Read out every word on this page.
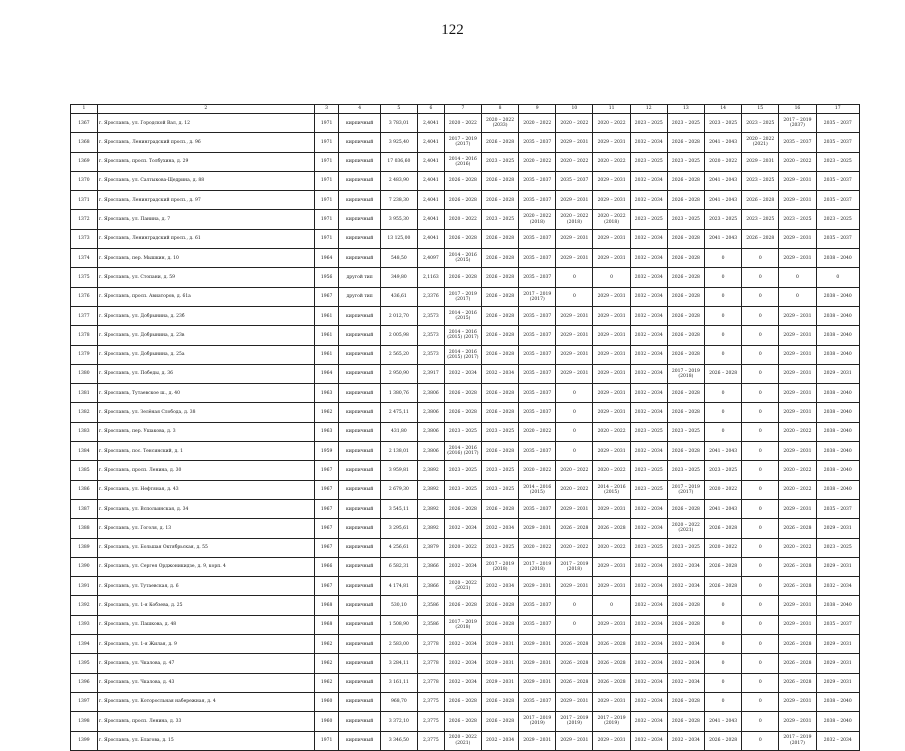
122
1	2	3	4	5	6	7	8	9	10	11	12	13	14	15	16	17
1367	г. Ярославль, ул. Городской Вал, д. 12	1971	кирпичный	3 783,01	2,4041	2020 – 2022	2020 – 2022 (2033)	2020 – 2022	2020 – 2022	2020 – 2022	2023 – 2025	2023 – 2025	2023 – 2025	2023 – 2025	2017 – 2019 (2037)	2035 – 2037
1368	г. Ярославль, Ленинградский просп., д. 96	1971	кирпичный	3 925,40	2,4041	2017 – 2019 (2017)	2026 – 2028	2035 – 2037	2029 – 2031	2029 – 2031	2032 – 2034	2026 – 2028	2041 – 2043	2020 – 2022 (2021)	2035 – 2037	2035 – 2037
1369	г. Ярославль, просп. Толбухина, д. 29	1971	кирпичный	17 036,60	2,4041	2014 – 2016 (2016)	2023 – 2025	2020 – 2022	2020 – 2022	2020 – 2022	2023 – 2025	2023 – 2025	2020 – 2022	2029 – 2031	2020 – 2022	2023 – 2025
1370	г. Ярославль, ул. Салтыкова-Щедрина, д. 88	1971	кирпичный	2 483,90	2,4041	2026 – 2028	2026 – 2028	2035 – 2037	2035 – 2037	2029 – 2031	2032 – 2034	2026 – 2028	2041 – 2043	2023 – 2025	2029 – 2031	2035 – 2037
1371	г. Ярославль, Ленинградский просп., д. 97	1971	кирпичный	7 238,30	2,4041	2026 – 2028	2026 – 2028	2035 – 2037	2029 – 2031	2029 – 2031	2032 – 2034	2026 – 2028	2041 – 2043	2026 – 2028	2029 – 2031	2035 – 2037
1372	г. Ярославль, ул. Панина, д. 7	1971	кирпичный	3 955,30	2,4041	2020 – 2022	2023 – 2025	2020 – 2022 (2018)	2020 – 2022 (2018)	2020 – 2022 (2018)	2023 – 2025	2023 – 2025	2023 – 2025	2023 – 2025	2023 – 2025	2023 – 2025
1373	г. Ярославль, Ленинградский просп., д. 61	1971	кирпичный	13 125,00	2,4041	2026 – 2028	2026 – 2028	2035 – 2037	2029 – 2031	2029 – 2031	2032 – 2034	2026 – 2028	2041 – 2043	2026 – 2028	2029 – 2031	2035 – 2037
1374	г. Ярославль, пер. Мышкин, д. 10	1964	кирпичный	548,50	2,4097	2014 – 2016 (2015)	2026 – 2028	2035 – 2037	2029 – 2031	2029 – 2031	2032 – 2034	2026 – 2028	0	0	2029 – 2031	2038 – 2040
1375	г. Ярославль, ул. Стопани, д. 59	1956	другой тип	349,80	2,1163	2026 – 2028	2026 – 2028	2035 – 2037	0	0	2032 – 2034	2026 – 2028	0	0	0	0
1376	г. Ярославль, просп. Авиаторов, д. 61а	1967	другой тип	436,61	2,3376	2017 – 2019 (2017)	2026 – 2028	2017 – 2019 (2017)	0	2029 – 2031	2032 – 2034	2026 – 2028	0	0	0	2038 – 2040
1377	г. Ярославль, ул. Добрынина, д. 23б	1961	кирпичный	2 012,70	2,3573	2014 – 2016 (2015)	2026 – 2028	2035 – 2037	2029 – 2031	2029 – 2031	2032 – 2034	2026 – 2028	0	0	2029 – 2031	2038 – 2040
1378	г. Ярославль, ул. Добрынина, д. 23в	1961	кирпичный	2 005,98	2,3573	2014 – 2016 (2015) (2017)	2026 – 2028	2035 – 2037	2029 – 2031	2029 – 2031	2032 – 2034	2026 – 2028	0	0	2029 – 2031	2038 – 2040
1379	г. Ярославль, ул. Добрынина, д. 25а	1961	кирпичный	2 565,20	2,3573	2014 – 2016 (2015) (2017)	2026 – 2028	2035 – 2037	2029 – 2031	2029 – 2031	2032 – 2034	2026 – 2028	0	0	2029 – 2031	2038 – 2040
1380	г. Ярославль, ул. Победы, д. 36	1964	кирпичный	2 950,90	2,3917	2032 – 2034	2032 – 2034	2035 – 2037	2029 – 2031	2029 – 2031	2032 – 2034	2017 – 2019 (2018)	2026 – 2028	0	2029 – 2031	2029 – 2031
1381	г. Ярославль, Тутаевское ш., д. 40	1963	кирпичный	1 380,76	2,3806	2026 – 2028	2026 – 2028	2035 – 2037	0	2029 – 2031	2032 – 2034	2026 – 2028	0	0	2029 – 2031	2038 – 2040
1382	г. Ярославль, ул. Зелёная Слобода, д. 38	1962	кирпичный	2 475,11	2,3806	2026 – 2028	2026 – 2028	2035 – 2037	0	2029 – 2031	2032 – 2034	2026 – 2028	0	0	2029 – 2031	2038 – 2040
1383	г. Ярославль, пер. Ушакова, д. 3	1963	кирпичный	431,80	2,3806	2023 – 2025	2023 – 2025	2020 – 2022	0	2020 – 2022	2023 – 2025	2023 – 2025	0	0	2020 – 2022	2038 – 2040
1384	г. Ярославль, пос. Тенсинский, д. 1	1959	кирпичный	2 138,01	2,3806	2014 – 2016 (2016) (2017)	2026 – 2028	2035 – 2037	0	2029 – 2031	2032 – 2034	2026 – 2028	2041 – 2043	0	2029 – 2031	2038 – 2040
1385	г. Ярославль, просп. Ленина, д. 30	1967	кирпичный	3 959,81	2,3892	2023 – 2025	2023 – 2025	2020 – 2022	2020 – 2022	2020 – 2022	2023 – 2025	2023 – 2025	2023 – 2025	0	2020 – 2022	2038 – 2040
1386	г. Ярославль, ул. Нефтяная, д. 43	1967	кирпичный	2 679,30	2,3892	2023 – 2025	2023 – 2025	2014 – 2016 (2015)	2020 – 2022	2014 – 2016 (2015)	2023 – 2025	2017 – 2019 (2017)	2020 – 2022	0	2020 – 2022	2038 – 2040
1387	г. Ярославль, ул. Вспольинская, д. 34	1967	кирпичный	3 545,11	2,3892	2026 – 2028	2026 – 2028	2035 – 2037	2029 – 2031	2029 – 2031	2032 – 2034	2026 – 2028	2041 – 2043	0	2029 – 2031	2035 – 2037
1388	г. Ярославль, ул. Гоголя, д. 13	1967	кирпичный	3 295,61	2,3892	2032 – 2034	2032 – 2034	2029 – 2031	2026 – 2028	2026 – 2028	2032 – 2034	2020 – 2022 (2021)	2026 – 2028	0	2026 – 2028	2029 – 2031
1389	г. Ярославль, ул. Большая Октябрьская, д. 55	1967	кирпичный	4 256,61	2,3879	2020 – 2022	2023 – 2025	2020 – 2022	2020 – 2022	2020 – 2022	2023 – 2025	2023 – 2025	2020 – 2022	0	2020 – 2022	2023 – 2025
1390	г. Ярославль, ул. Сергея Орджоникидзе, д. 9, корп. 4	1966	кирпичный	6 582,31	2,3866	2032 – 2034	2017 – 2019 (2018)	2017 – 2019 (2018)	2017 – 2019 (2018)	2029 – 2031	2032 – 2034	2032 – 2034	2026 – 2028	0	2026 – 2028	2029 – 2031
1391	г. Ярославль, ул. Тутаевская, д. 6	1967	кирпичный	4 174,81	2,3866	2020 – 2022 (2021)	2032 – 2034	2029 – 2031	2029 – 2031	2029 – 2031	2032 – 2034	2032 – 2034	2026 – 2028	0	2026 – 2028	2032 – 2034
1392	г. Ярославль, ул. 1-я Кобзева, д. 25	1968	кирпичный	530,10	2,3586	2026 – 2028	2026 – 2028	2035 – 2037	0	0	2032 – 2034	2026 – 2028	0	0	2029 – 2031	2038 – 2040
1393	г. Ярославль, ул. Пашкова, д. 48	1968	кирпичный	1 508,90	2,3586	2017 – 2019 (2018)	2026 – 2028	2035 – 2037	0	2029 – 2031	2032 – 2034	2026 – 2028	0	0	2029 – 2031	2035 – 2037
1394	г. Ярославль, ул. 1-я Жилая, д. 9	1962	кирпичный	2 583,00	2,3778	2032 – 2034	2029 – 2031	2029 – 2031	2026 – 2028	2026 – 2028	2032 – 2034	2032 – 2034	0	0	2026 – 2028	2029 – 2031
1395	г. Ярославль, ул. Чкалова, д. 47	1962	кирпичный	3 284,11	2,3778	2032 – 2034	2029 – 2031	2029 – 2031	2026 – 2028	2026 – 2028	2032 – 2034	2032 – 2034	0	0	2026 – 2028	2029 – 2031
1396	г. Ярославль, ул. Чкалова, д. 43	1962	кирпичный	3 161,11	2,3778	2032 – 2034	2029 – 2031	2029 – 2031	2026 – 2028	2026 – 2028	2032 – 2034	2032 – 2034	0	0	2026 – 2028	2029 – 2031
1397	г. Ярославль, ул. Которосльная набережная, д. 4	1960	кирпичный	968,70	2,3775	2026 – 2028	2026 – 2028	2035 – 2037	2029 – 2031	2029 – 2031	2032 – 2034	2026 – 2028	0	0	2029 – 2031	2038 – 2040
1398	г. Ярославль, просп. Ленина, д. 33	1960	кирпичный	3 372,10	2,3775	2026 – 2028	2026 – 2028	2017 – 2019 (2019)	2017 – 2019 (2019)	2017 – 2019 (2019)	2032 – 2034	2026 – 2028	2041 – 2043	0	2029 – 2031	2038 – 2040
1399	г. Ярославль, ул. Благова, д. 15	1971	кирпичный	3 346,50	2,3775	2020 – 2022 (2021)	2032 – 2034	2029 – 2031	2029 – 2031	2029 – 2031	2032 – 2034	2032 – 2034	2026 – 2028	0	2017 – 2019 (2017)	2032 – 2034
